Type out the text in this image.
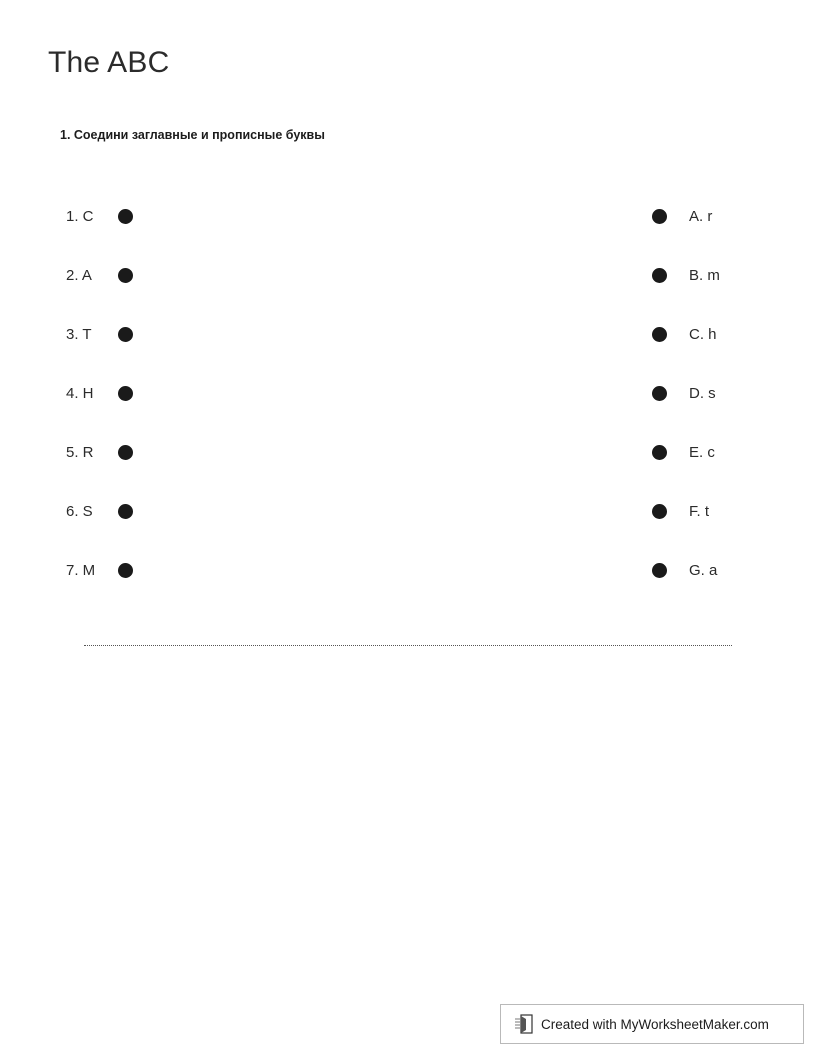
The ABC
1. Соедини заглавные и прописные буквы
1. C	A. r
2. A	B. m
3. T	C. h
4. H	D. s
5. R	E. c
6. S	F. t
7. M	G. a
Created with MyWorksheetMaker.com
